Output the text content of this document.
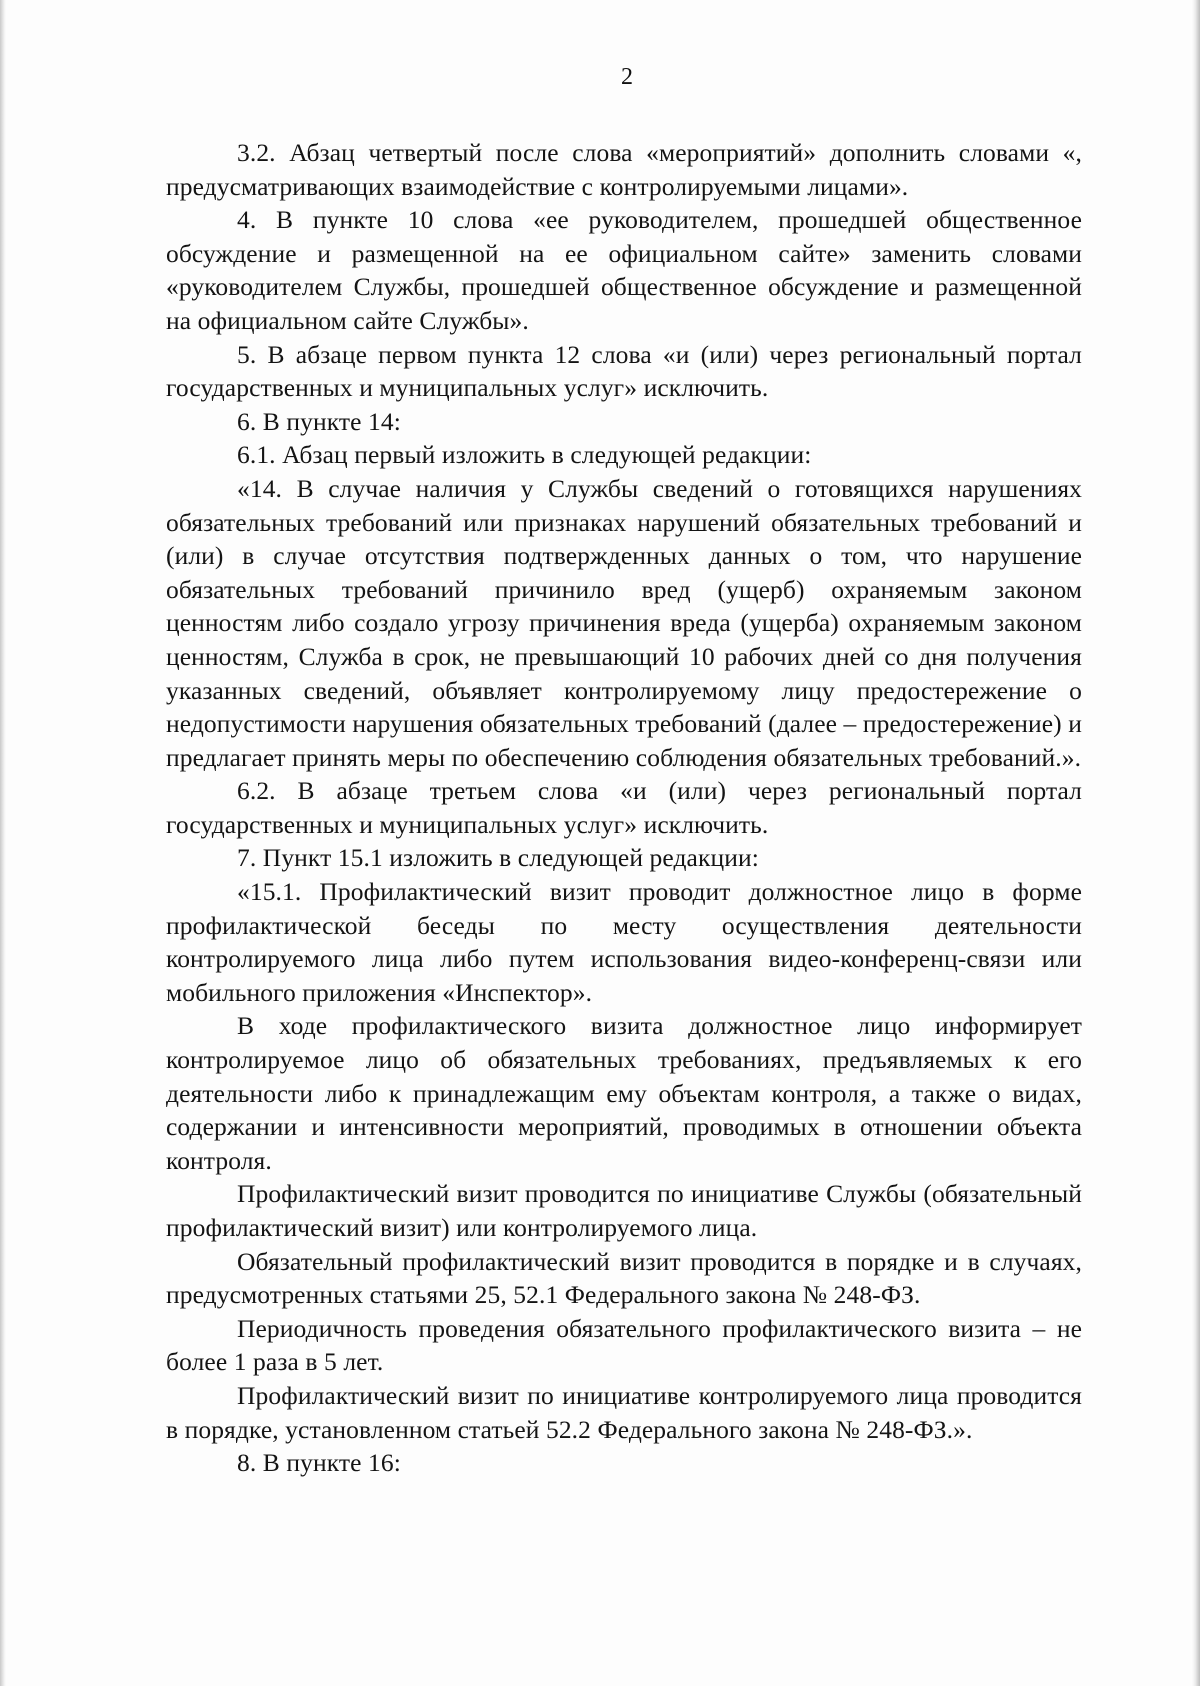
2

3.2. Абзац четвертый после слова «мероприятий» дополнить словами «, предусматривающих взаимодействие с контролируемыми лицами».

4. В пункте 10 слова «ее руководителем, прошедшей общественное обсуждение и размещенной на ее официальном сайте» заменить словами «руководителем Службы, прошедшей общественное обсуждение и размещенной на официальном сайте Службы».

5. В абзаце первом пункта 12 слова «и (или) через региональный портал государственных и муниципальных услуг» исключить.

6. В пункте 14:

6.1. Абзац первый изложить в следующей редакции:

«14. В случае наличия у Службы сведений о готовящихся нарушениях обязательных требований или признаках нарушений обязательных требований и (или) в случае отсутствия подтвержденных данных о том, что нарушение обязательных требований причинило вред (ущерб) охраняемым законом ценностям либо создало угрозу причинения вреда (ущерба) охраняемым законом ценностям, Служба в срок, не превышающий 10 рабочих дней со дня получения указанных сведений, объявляет контролируемому лицу предостережение о недопустимости нарушения обязательных требований (далее – предостережение) и предлагает принять меры по обеспечению соблюдения обязательных требований.».

6.2. В абзаце третьем слова «и (или) через региональный портал государственных и муниципальных услуг» исключить.

7. Пункт 15.1 изложить в следующей редакции:

«15.1. Профилактический визит проводит должностное лицо в форме профилактической беседы по месту осуществления деятельности контролируемого лица либо путем использования видео-конференц-связи или мобильного приложения «Инспектор».

В ходе профилактического визита должностное лицо информирует контролируемое лицо об обязательных требованиях, предъявляемых к его деятельности либо к принадлежащим ему объектам контроля, а также о видах, содержании и интенсивности мероприятий, проводимых в отношении объекта контроля.

Профилактический визит проводится по инициативе Службы (обязательный профилактический визит) или контролируемого лица.

Обязательный профилактический визит проводится в порядке и в случаях, предусмотренных статьями 25, 52.1 Федерального закона № 248-ФЗ.

Периодичность проведения обязательного профилактического визита – не более 1 раза в 5 лет.

Профилактический визит по инициативе контролируемого лица проводится в порядке, установленном статьей 52.2 Федерального закона № 248-ФЗ.».

8. В пункте 16:
